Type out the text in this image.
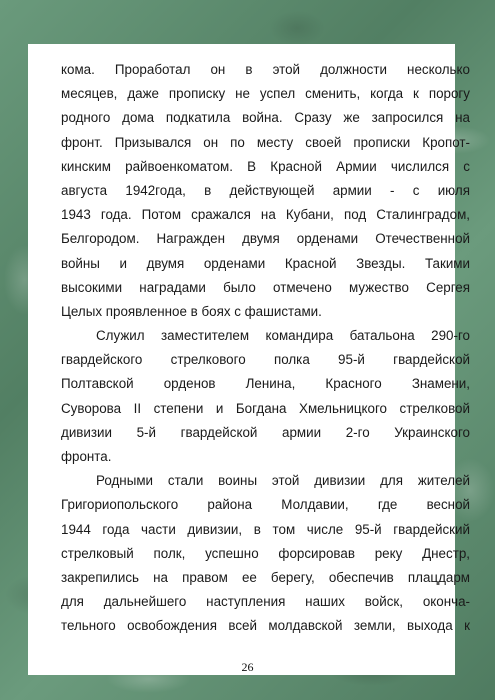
кома. Проработал он в этой должности несколько
месяцев, даже прописку не успел сменить, когда к порогу
родного дома подкатила война. Сразу же запросился на
фронт. Призывался он по месту своей прописки Кропот-
кинским райвоенкоматом. В Красной Армии числился с
августа 1942года, в действующей армии - с июля
1943 года. Потом сражался на Кубани, под Сталинградом,
Белгородом. Награжден двумя орденами Отечественной
войны и двумя орденами Красной Звезды. Такими
высокими наградами было отмечено мужество Сергея
Целых проявленное в боях с фашистами.
Служил заместителем командира батальона 290-го
гвардейского стрелкового полка 95-й гвардейской
Полтавской орденов Ленина, Красного Знамени,
Суворова II степени и Богдана Хмельницкого стрелковой
дивизии 5-й гвардейской армии 2-го Украинского
фронта.
Родными стали воины этой дивизии для жителей
Григориопольского района Молдавии, где весной
1944 года части дивизии, в том числе 95-й гвардейский
стрелковый полк, успешно форсировав реку Днестр,
закрепились на правом ее берегу, обеспечив плацдарм
для дальнейшего наступления наших войск, оконча-
тельного освобождения всей молдавской земли, выхода к
26
